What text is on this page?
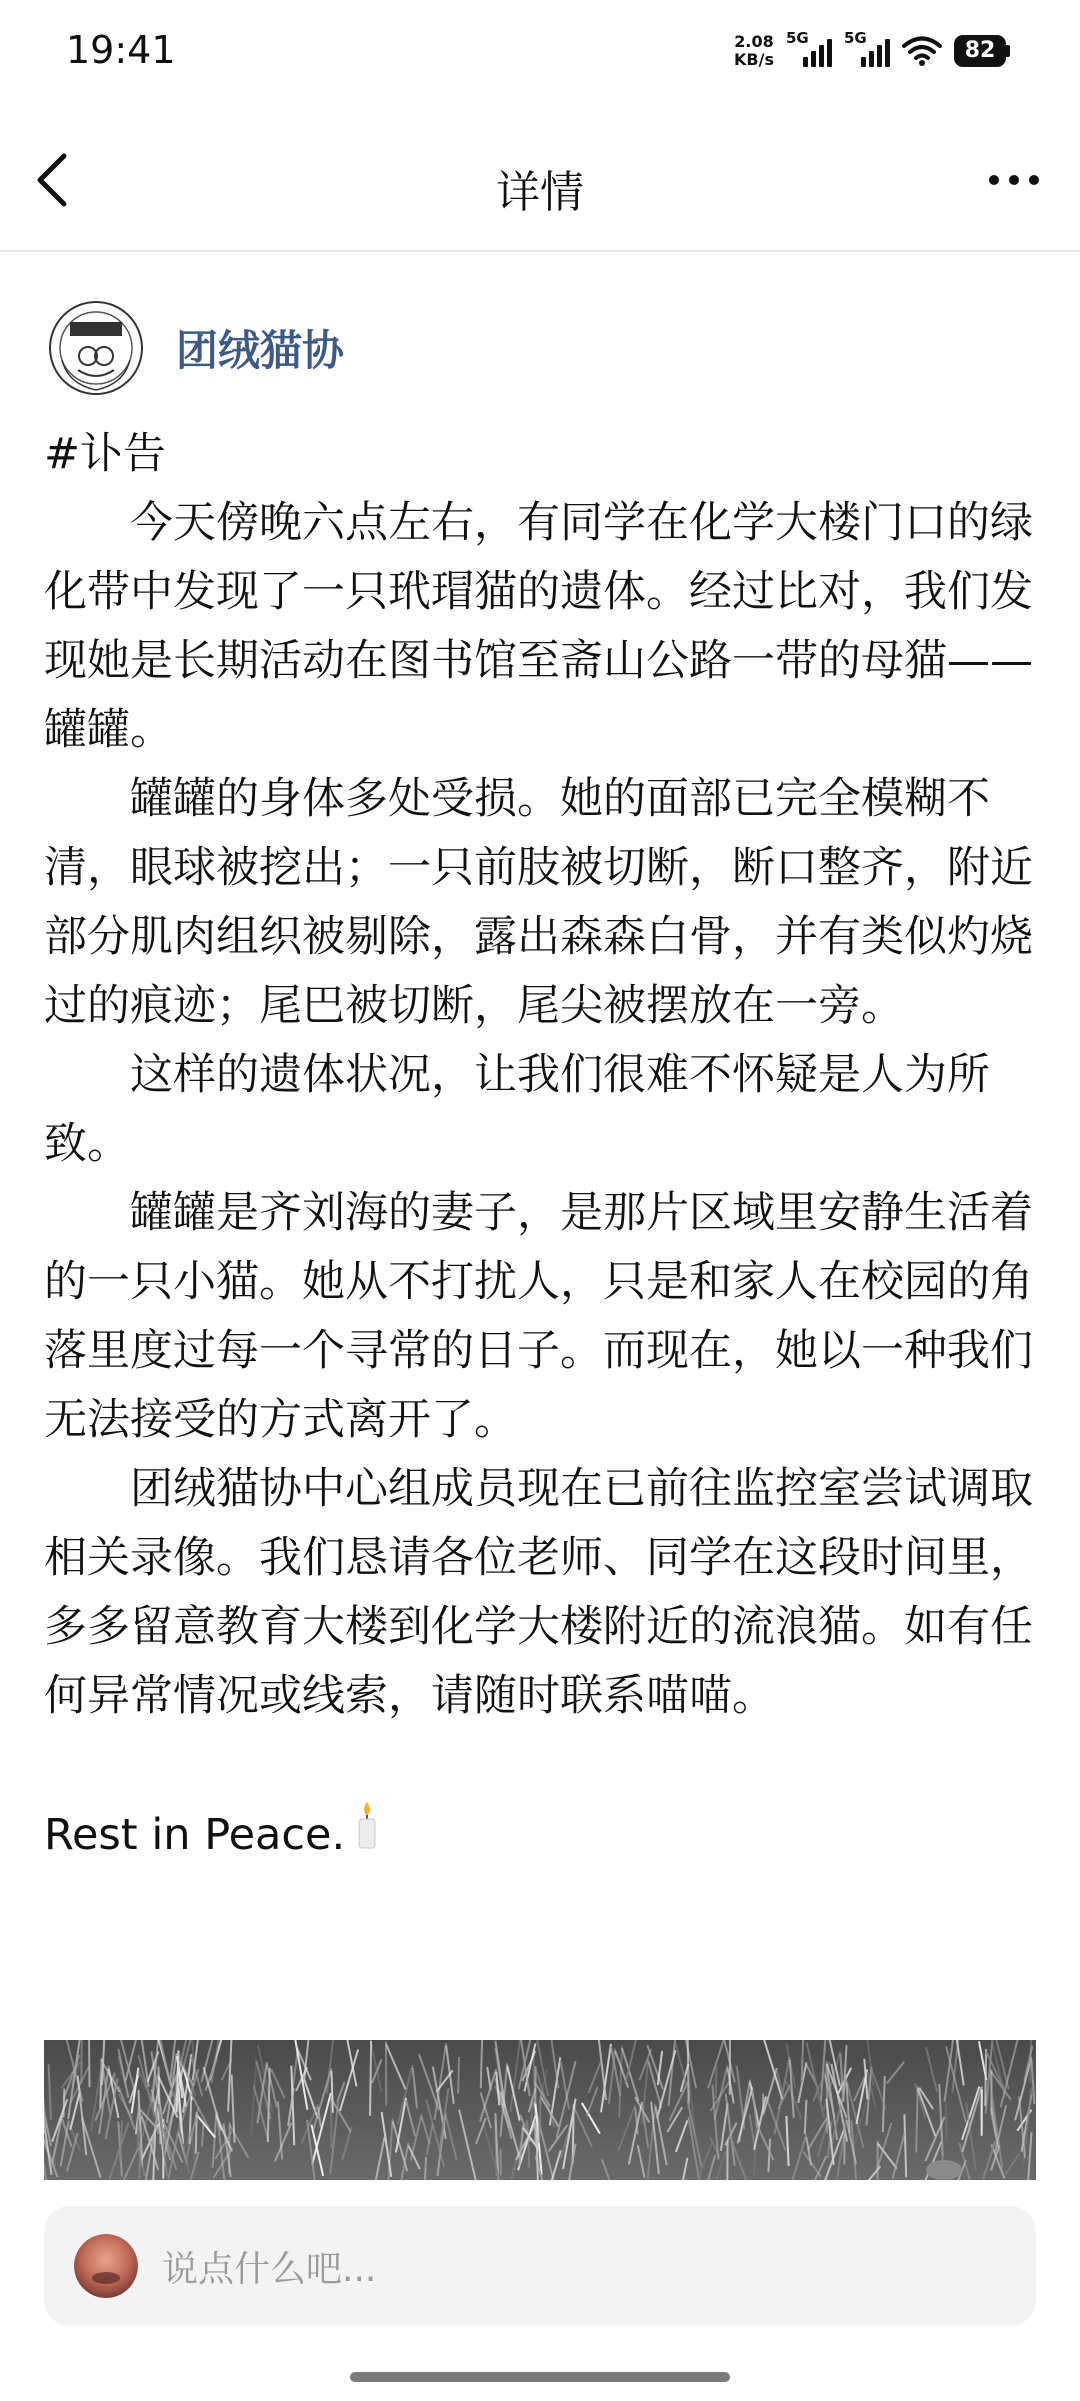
19:41	2.08
KB/s
5G 5G	82
详情
团绒猫协

#讣告

今天傍晚六点左右，有同学在化学大楼门口的绿化带中发现了一只玳瑁猫的遗体。经过比对，我们发现她是长期活动在图书馆至斋山公路一带的母猫——罐罐。

罐罐的身体多处受损。她的面部已完全模糊不清，眼球被挖出；一只前肢被切断，断口整齐，附近部分肌肉组织被剔除，露出森森白骨，并有类似灼烧过的痕迹；尾巴被切断，尾尖被摆放在一旁。

这样的遗体状况，让我们很难不怀疑是人为所致。

罐罐是齐刘海的妻子，是那片区域里安静生活着的一只小猫。她从不打扰人，只是和家人在校园的角落里度过每一个寻常的日子。而现在，她以一种我们无法接受的方式离开了。

团绒猫协中心组成员现在已前往监控室尝试调取相关录像。我们恳请各位老师、同学在这段时间里，多多留意教育大楼到化学大楼附近的流浪猫。如有任何异常情况或线索，请随时联系喵喵。

Rest in Peace.

说点什么吧...
